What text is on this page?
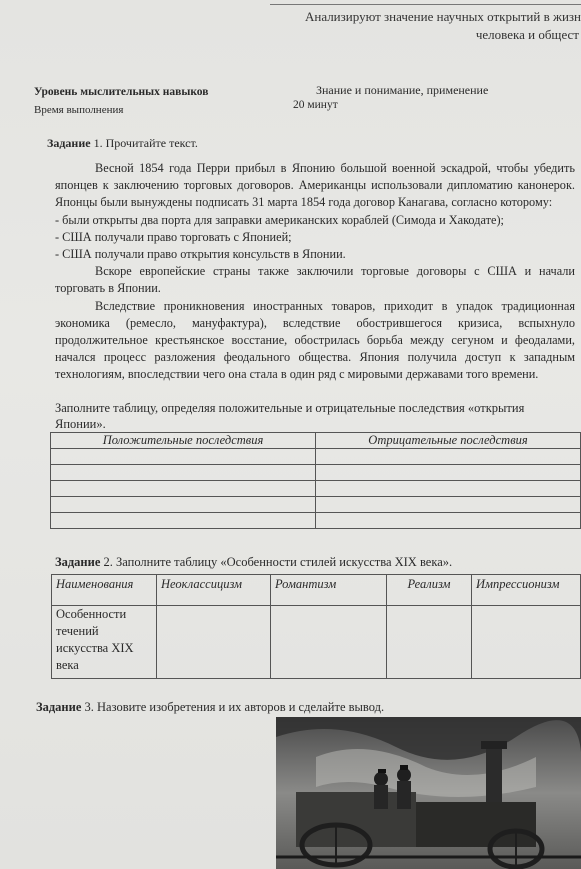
Анализируют значение научных открытий в жизн
человека и общест
Уровень мыслительных навыков	Знание и понимание, применение
Время выполнения	20 минут
Задание 1. Прочитайте текст.

Весной 1854 года Перри прибыл в Японию большой военной эскадрой, чтобы убедить японцев к заключению торговых договоров. Американцы использовали дипломатию канонерок. Японцы были вынуждены подписать 31 марта 1854 года договор Канагава, согласно которому:

- были открыты два порта для заправки американских кораблей (Симода и Хакодате);

- США получали право торговать с Японией;

- США получали право открытия консульств в Японии.

Вскоре европейские страны также заключили торговые договоры с США и начали торговать в Японии.

Вследствие проникновения иностранных товаров, приходит в упадок традиционная экономика (ремесло, мануфактура), вследствие обострившегося кризиса, вспыхнуло продолжительное крестьянское восстание, обострилась борьба между сегуном и феодалами, начался процесс разложения феодального общества. Япония получила доступ к западным технологиям, впоследствии чего она стала в один ряд с мировыми державами того времени.

Заполните таблицу, определяя положительные и отрицательные последствия «открытия Японии».
Положительные последствия	Отрицательные последствия

Задание 2. Заполните таблицу «Особенности стилей искусства XIX века».
Наименования	Неоклассицизм	Романтизм	Реализм	Импрессионизм
Особенности течений искусства XIX века				
Задание 3. Назовите изобретения и их авторов и сделайте вывод.
